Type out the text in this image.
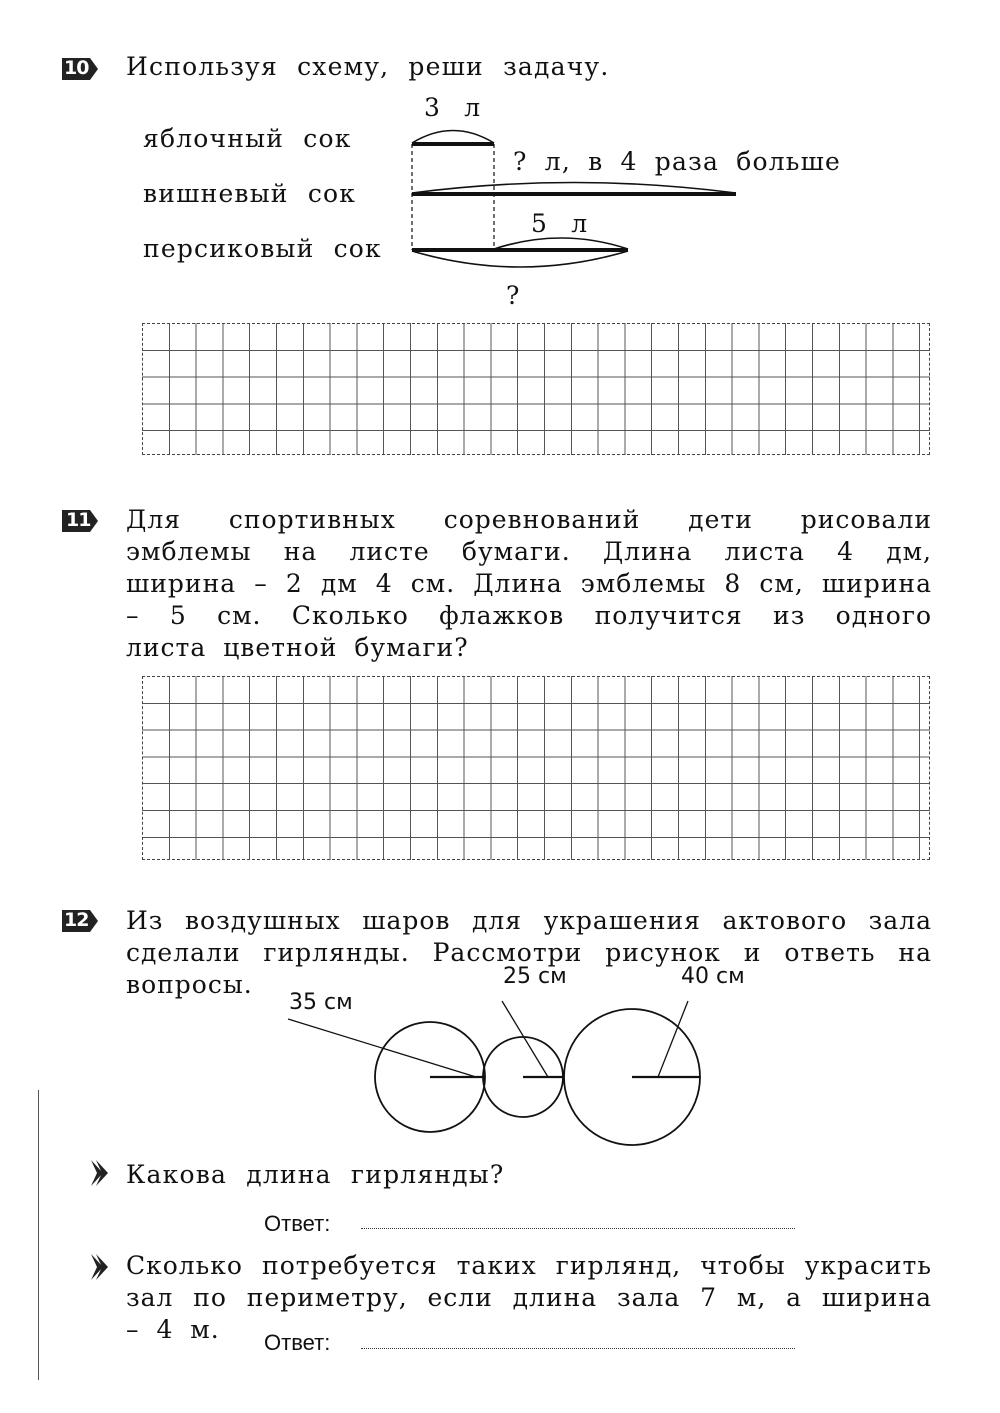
10 Используя схему, реши задачу.
яблочный сок
вишневый сок
персиковый сок
3 л
? л, в 4 раза больше
5 л
?
11 Для спортивных соревнований дети рисовали эмблемы на листе бумаги. Длина листа 4 дм, ширина – 2 дм 4 см. Длина эмблемы 8 см, ширина – 5 см. Сколько флажков получится из одного листа цветной бумаги?
12 Из воздушных шаров для украшения актового зала сделали гирлянды. Рассмотри рисунок и ответь на вопросы.
35 см
25 см	40 см
Какова длина гирлянды?
Ответ:
Сколько потребуется таких гирлянд, чтобы украсить зал по периметру, если длина зала 7 м, а ширина – 4 м.	Ответ:
